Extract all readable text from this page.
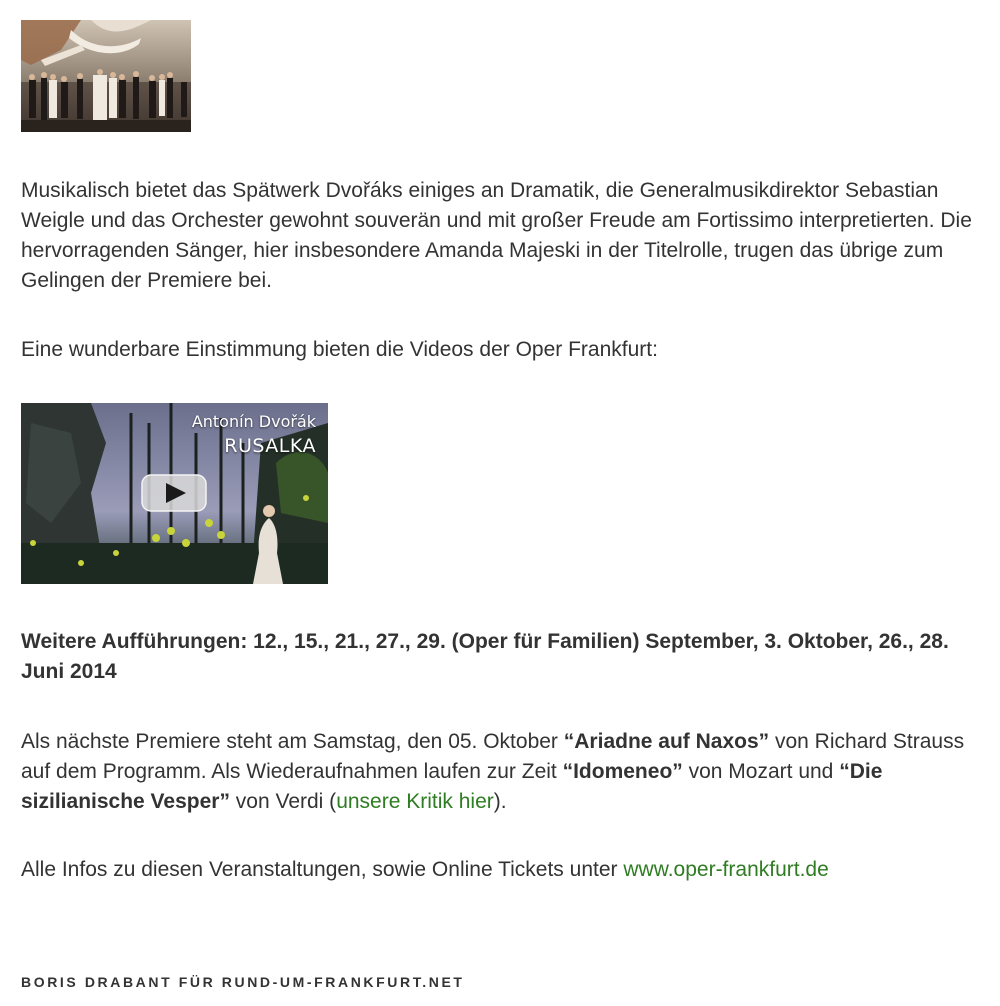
Musikalisch bietet das Spätwerk Dvořáks einiges an Dramatik, die Generalmusikdirektor Sebastian Weigle und das Orchester gewohnt souverän und mit großer Freude am Fortissimo interpretierten. Die hervorragenden Sänger, hier insbesondere Amanda Majeski in der Titelrolle, trugen das übrige zum Gelingen der Premiere bei.

Eine wunderbare Einstimmung bieten die Videos der Oper Frankfurt:

Antonín Dvořák
RUSALKA

Weitere Aufführungen: 12., 15., 21., 27., 29. (Oper für Familien) September, 3. Oktober, 26., 28. Juni 2014

Als nächste Premiere steht am Samstag, den 05. Oktober “Ariadne auf Naxos” von Richard Strauss auf dem Programm. Als Wiederaufnahmen laufen zur Zeit “Idomeneo” von Mozart und “Die sizilianische Vesper” von Verdi (unsere Kritik hier).

Alle Infos zu diesen Veranstaltungen, sowie Online Tickets unter www.oper-frankfurt.de

BORIS DRABANT FÜR RUND-UM-FRANKFURT.NET
